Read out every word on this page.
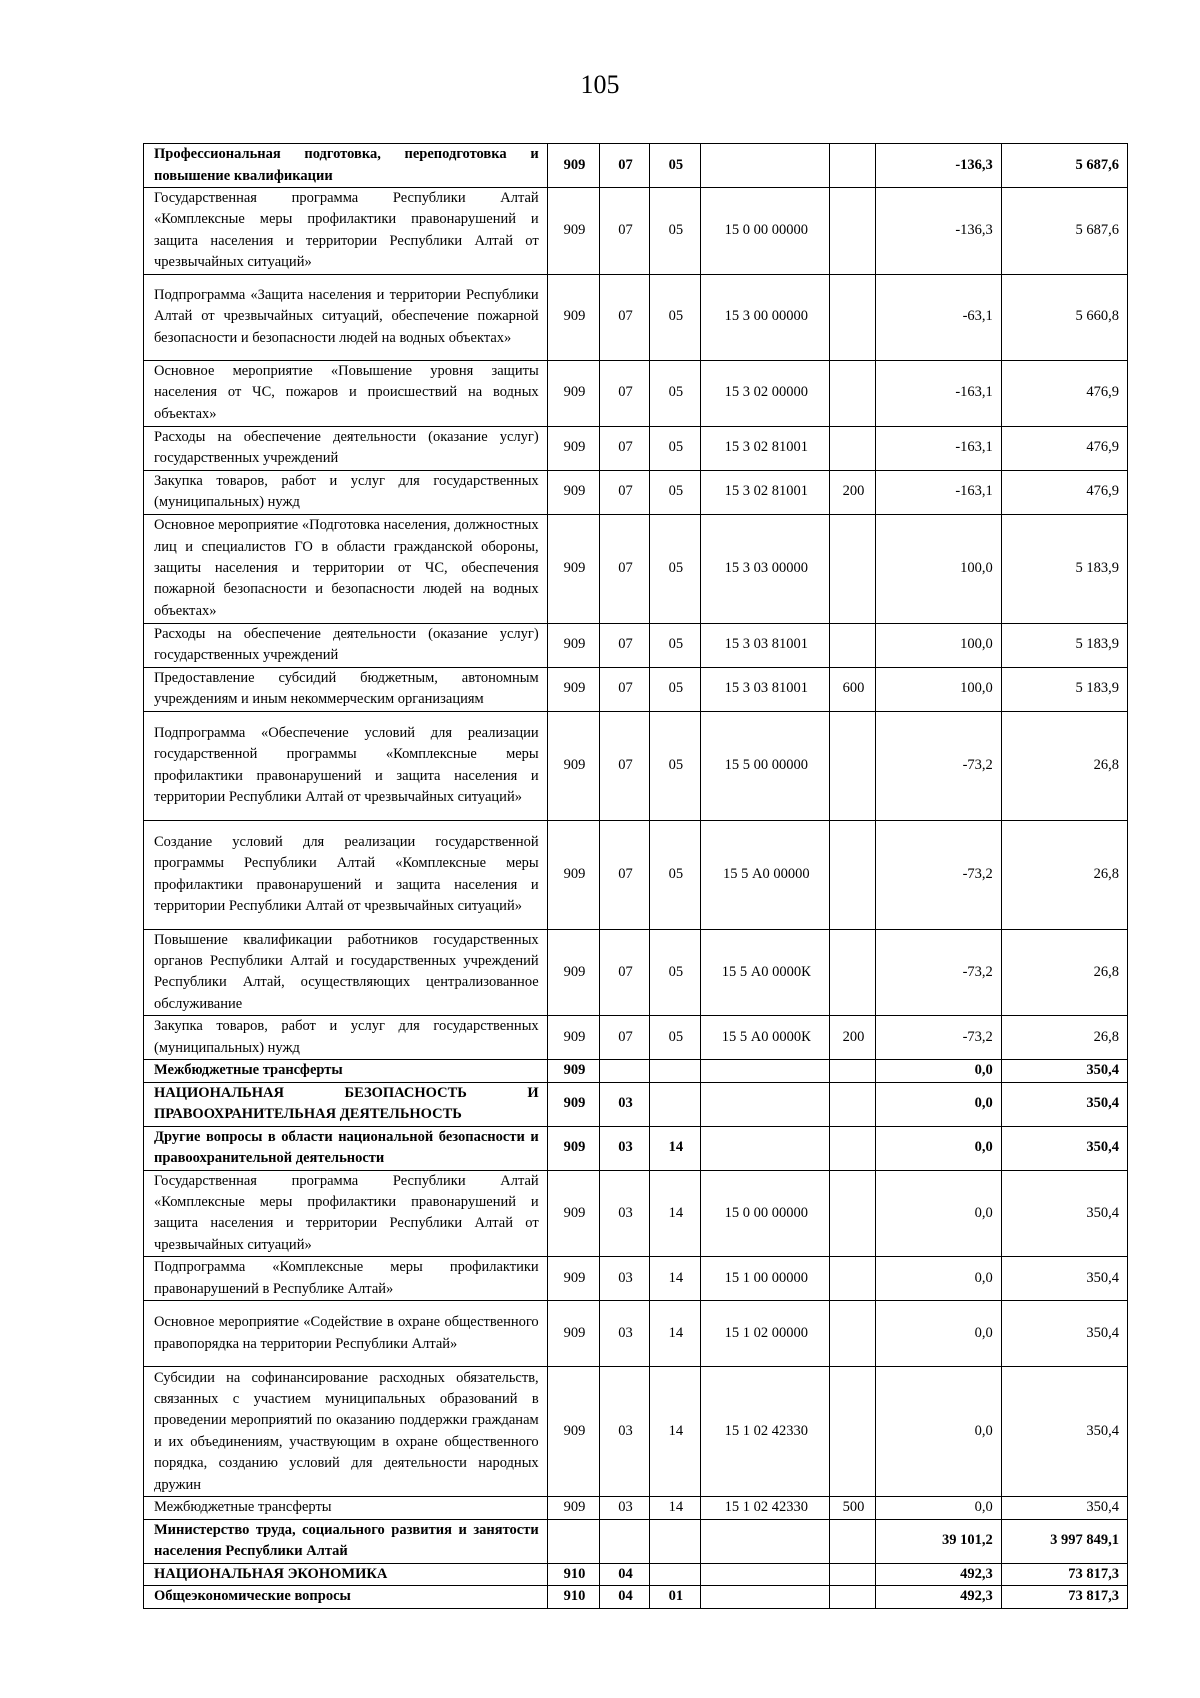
105
Профессиональная подготовка, переподготовка и повышение квалификации	909	07	05			-136,3	5 687,6
Государственная программа Республики Алтай «Комплексные меры профилактики правонарушений и защита населения и территории Республики Алтай от чрезвычайных ситуаций»	909	07	05	15 0 00 00000		-136,3	5 687,6
Подпрограмма «Защита населения и территории Республики Алтай от чрезвычайных ситуаций, обеспечение пожарной безопасности и безопасности людей на водных объектах»	909	07	05	15 3 00 00000		-63,1	5 660,8
Основное мероприятие «Повышение уровня защиты населения от ЧС, пожаров и происшествий на водных объектах»	909	07	05	15 3 02 00000		-163,1	476,9
Расходы на обеспечение деятельности (оказание услуг) государственных учреждений	909	07	05	15 3 02 81001		-163,1	476,9
Закупка товаров, работ и услуг для государственных (муниципальных) нужд	909	07	05	15 3 02 81001	200	-163,1	476,9
Основное мероприятие «Подготовка населения, должностных лиц и специалистов ГО в области гражданской обороны, защиты населения и территории от ЧС, обеспечения пожарной безопасности и безопасности людей на водных объектах»	909	07	05	15 3 03 00000		100,0	5 183,9
Расходы на обеспечение деятельности (оказание услуг) государственных учреждений	909	07	05	15 3 03 81001		100,0	5 183,9
Предоставление субсидий бюджетным, автономным учреждениям и иным некоммерческим организациям	909	07	05	15 3 03 81001	600	100,0	5 183,9
Подпрограмма «Обеспечение условий для реализации государственной программы «Комплексные меры профилактики правонарушений и защита населения и территории Республики Алтай от чрезвычайных ситуаций»	909	07	05	15 5 00 00000		-73,2	26,8
Создание условий для реализации государственной программы Республики Алтай «Комплексные меры профилактики правонарушений и защита населения и территории Республики Алтай от чрезвычайных ситуаций»	909	07	05	15 5 А0 00000		-73,2	26,8
Повышение квалификации работников государственных органов Республики Алтай и государственных учреждений Республики Алтай, осуществляющих централизованное обслуживание	909	07	05	15 5 А0 0000К		-73,2	26,8
Закупка товаров, работ и услуг для государственных (муниципальных) нужд	909	07	05	15 5 А0 0000К	200	-73,2	26,8
Межбюджетные трансферты	909					0,0	350,4
НАЦИОНАЛЬНАЯ БЕЗОПАСНОСТЬ И ПРАВООХРАНИТЕЛЬНАЯ ДЕЯТЕЛЬНОСТЬ	909	03				0,0	350,4
Другие вопросы в области национальной безопасности и правоохранительной деятельности	909	03	14			0,0	350,4
Государственная программа Республики Алтай «Комплексные меры профилактики правонарушений и защита населения и территории Республики Алтай от чрезвычайных ситуаций»	909	03	14	15 0 00 00000		0,0	350,4
Подпрограмма «Комплексные меры профилактики правонарушений в Республике Алтай»	909	03	14	15 1 00 00000		0,0	350,4
Основное мероприятие «Содействие в охране общественного правопорядка на территории Республики Алтай»	909	03	14	15 1 02 00000		0,0	350,4
Субсидии на софинансирование расходных обязательств, связанных с участием муниципальных образований в проведении мероприятий по оказанию поддержки гражданам и их объединениям, участвующим в охране общественного порядка, созданию условий для деятельности народных дружин	909	03	14	15 1 02 42330		0,0	350,4
Межбюджетные трансферты	909	03	14	15 1 02 42330	500	0,0	350,4
Министерство труда, социального развития и занятости населения Республики Алтай						39 101,2	3 997 849,1
НАЦИОНАЛЬНАЯ ЭКОНОМИКА	910	04				492,3	73 817,3
Общеэкономические вопросы	910	04	01			492,3	73 817,3
